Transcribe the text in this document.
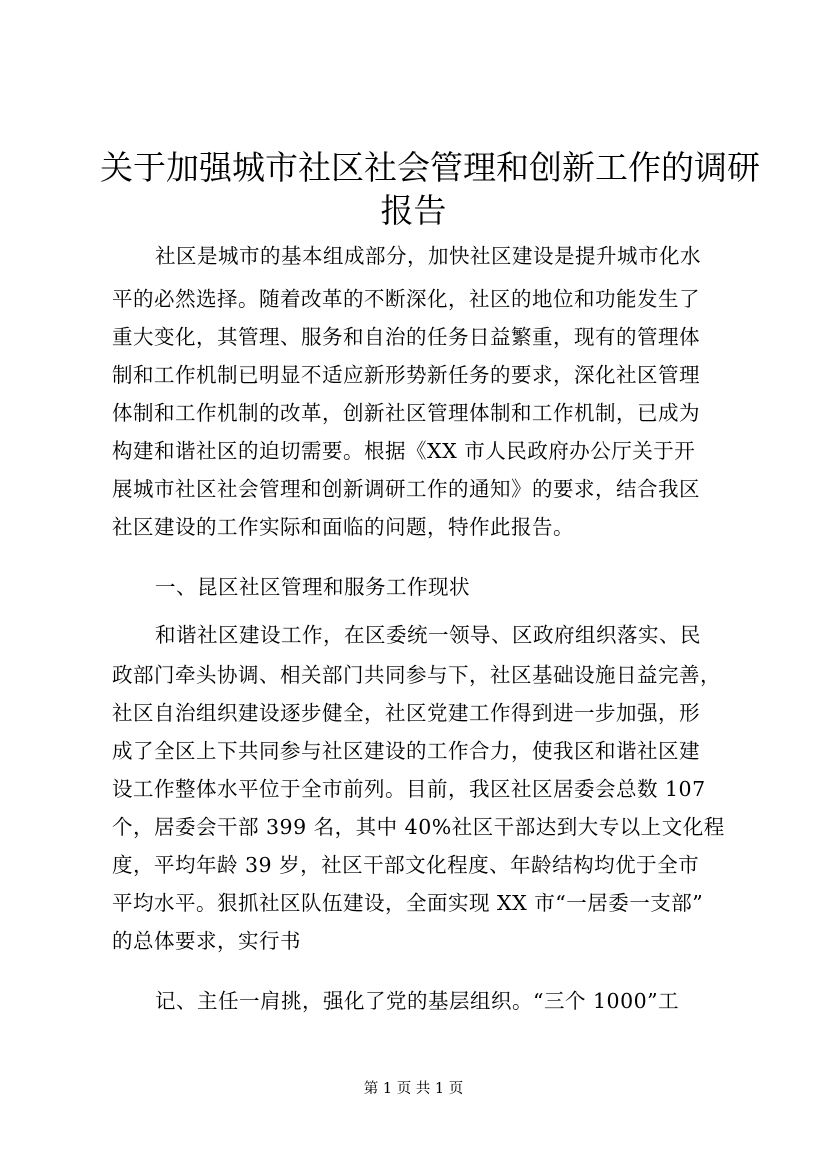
关于加强城市社区社会管理和创新工作的调研
报告
社区是城市的基本组成部分，加快社区建设是提升城市化水
平的必然选择。随着改革的不断深化，社区的地位和功能发生了
重大变化，其管理、服务和自治的任务日益繁重，现有的管理体
制和工作机制已明显不适应新形势新任务的要求，深化社区管理
体制和工作机制的改革，创新社区管理体制和工作机制，已成为
构建和谐社区的迫切需要。根据《XX 市人民政府办公厅关于开
展城市社区社会管理和创新调研工作的通知》的要求，结合我区
社区建设的工作实际和面临的问题，特作此报告。
一、昆区社区管理和服务工作现状
和谐社区建设工作，在区委统一领导、区政府组织落实、民
政部门牵头协调、相关部门共同参与下，社区基础设施日益完善，
社区自治组织建设逐步健全，社区党建工作得到进一步加强，形
成了全区上下共同参与社区建设的工作合力，使我区和谐社区建
设工作整体水平位于全市前列。目前，我区社区居委会总数 107
个，居委会干部 399 名，其中 40%社区干部达到大专以上文化程
度，平均年龄 39 岁，社区干部文化程度、年龄结构均优于全市
平均水平。狠抓社区队伍建设，全面实现 XX 市“一居委一支部”
的总体要求，实行书
记、主任一肩挑，强化了党的基层组织。“三个 1000”工
第 1 页 共 1 页
